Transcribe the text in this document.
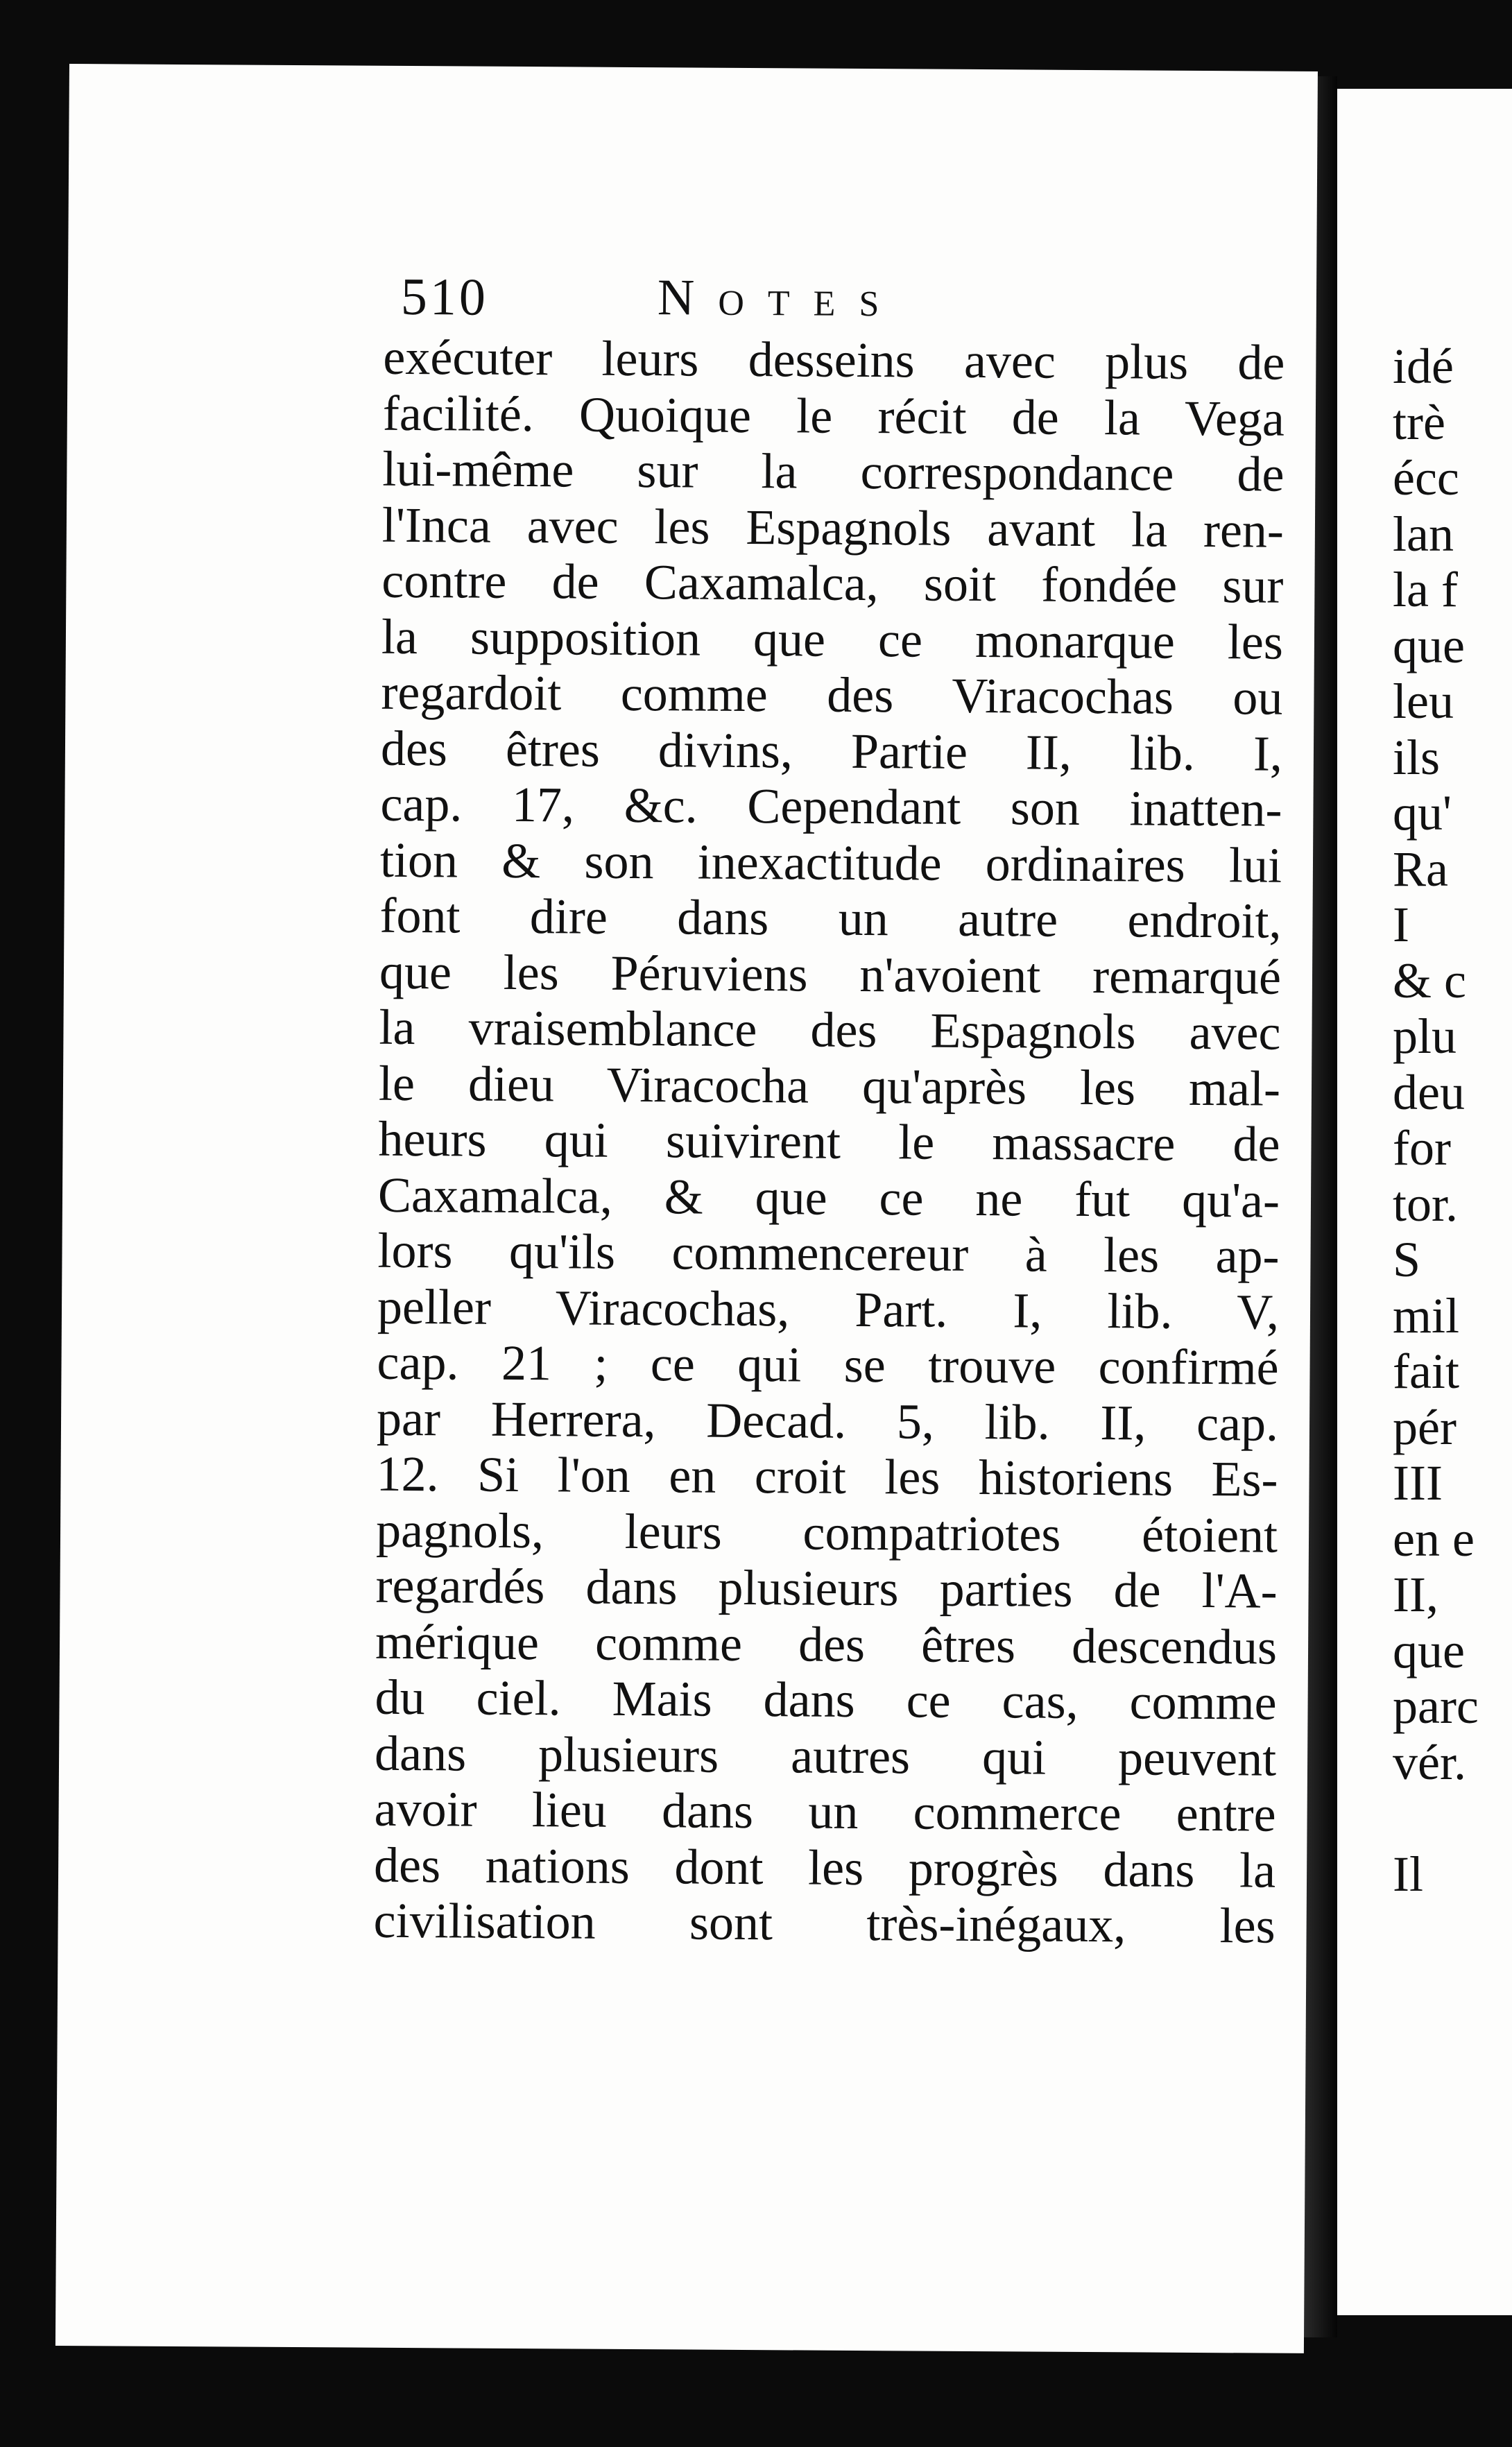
idé
trè
écc
lan
la f
que
leu
ils
qu'
Ra
I
& c
plu
deu
for
tor.
S
mil
fait
pér
III
en e
II,
que
parc
vér.
Il
510	Notes
exécuter leurs desseins avec plus de
facilité. Quoique le récit de la Vega
lui-même sur la correspondance de
l'Inca avec les Espagnols avant la ren-
contre de Caxamalca, soit fondée sur
la supposition que ce monarque les
regardoit comme des Viracochas ou
des êtres divins, Partie II, lib. I,
cap. 17, &c. Cependant son inatten-
tion & son inexactitude ordinaires lui
font dire dans un autre endroit,
que les Péruviens n'avoient remarqué
la vraisemblance des Espagnols avec
le dieu Viracocha qu'après les mal-
heurs qui suivirent le massacre de
Caxamalca, & que ce ne fut qu'a-
lors qu'ils commencereur à les ap-
peller Viracochas, Part. I, lib. V,
cap. 21 ; ce qui se trouve confirmé
par Herrera, Decad. 5, lib. II, cap.
12. Si l'on en croit les historiens Es-
pagnols, leurs compatriotes étoient
regardés dans plusieurs parties de l'A-
mérique comme des êtres descendus
du ciel. Mais dans ce cas, comme
dans plusieurs autres qui peuvent
avoir lieu dans un commerce entre
des nations dont les progrès dans la
civilisation sont très-inégaux, les
